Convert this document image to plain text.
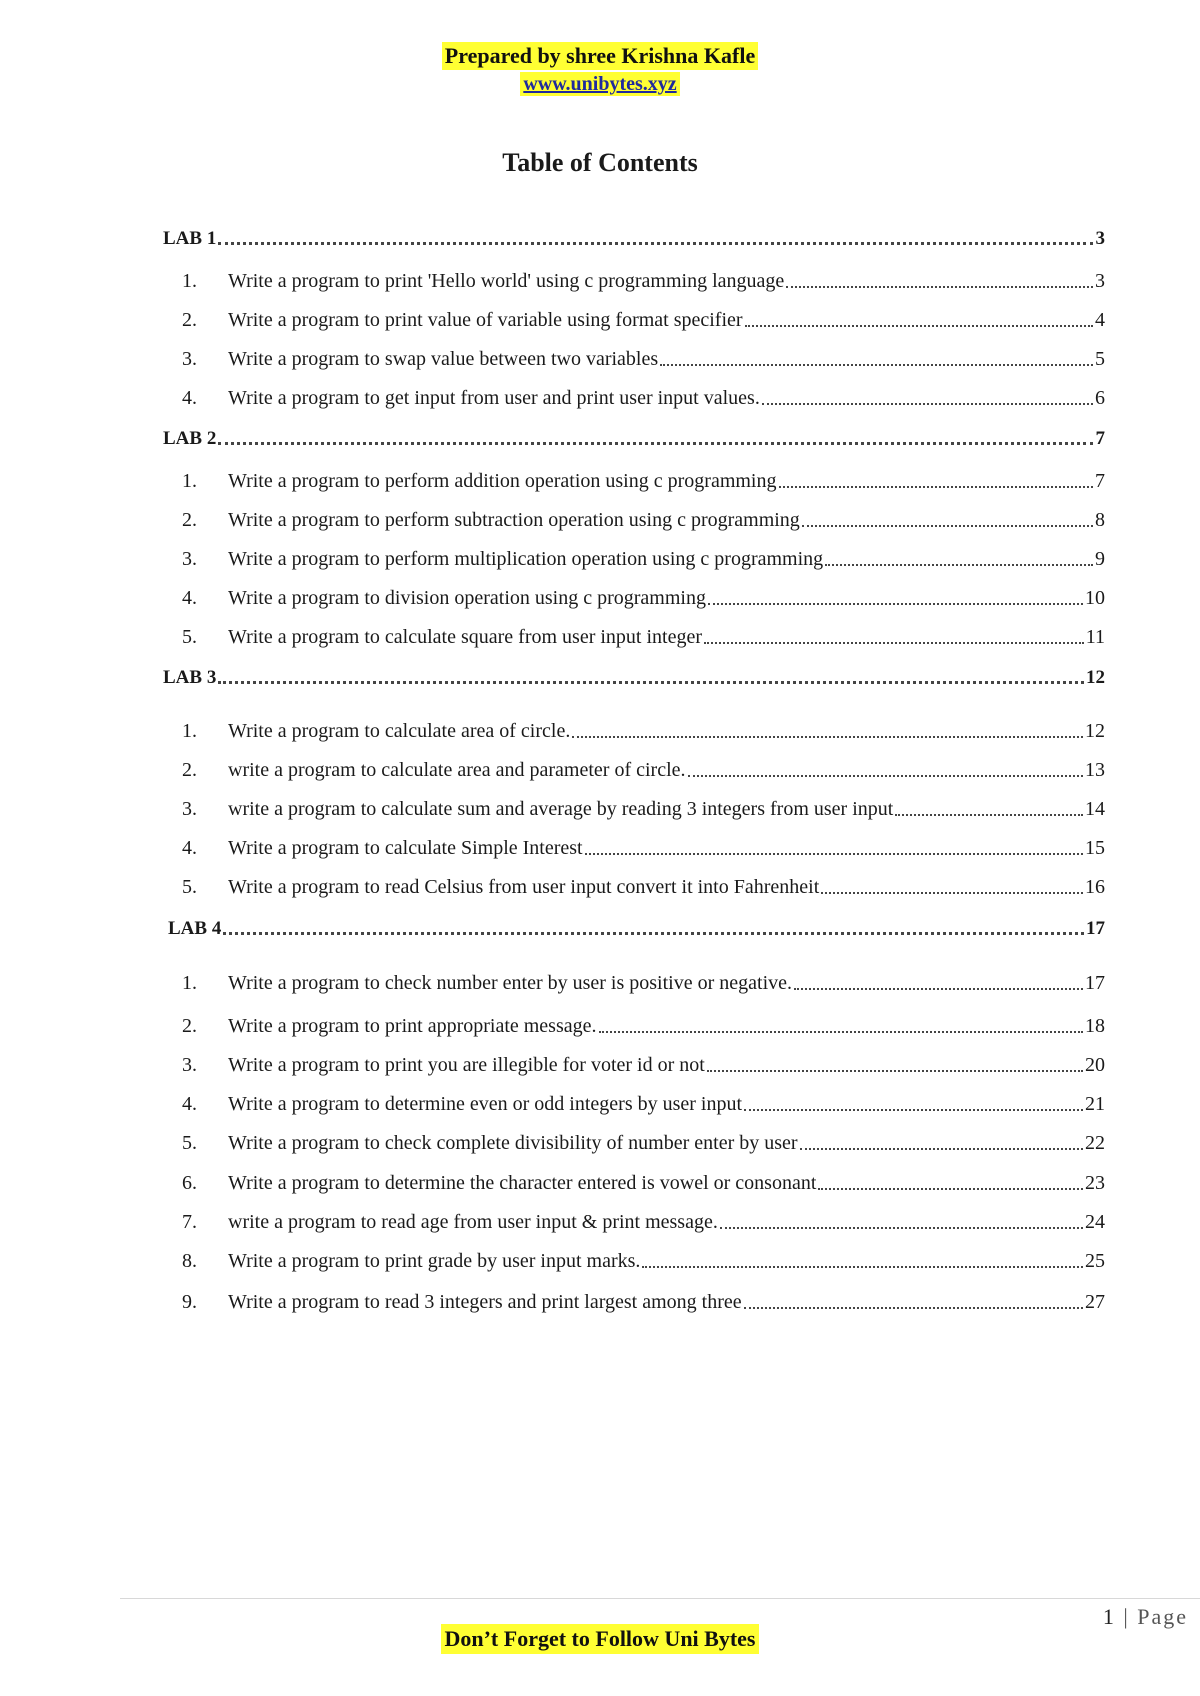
Prepared by shree Krishna Kafle
www.unibytes.xyz
Table of Contents
LAB 1	3
1.	Write a program to print 'Hello world' using c programming language	3
2.	Write a program to print value of variable using format specifier	4
3.	Write a program to swap value between two variables	5
4.	Write a program to get input from user and print user input values.	6
LAB 2	7
1.	Write a program to perform addition operation using c programming	7
2.	Write a program to perform subtraction operation using c programming	8
3.	Write a program to perform multiplication operation using c programming	9
4.	Write a program to division operation using c programming	10
5.	Write a program to calculate square from user input integer	11
LAB 3	12
1.	Write a program to calculate area of circle.	12
2.	write a program to calculate area and parameter of circle.	13
3.	write a program to calculate sum and average by reading 3 integers from user input	14
4.	Write a program to calculate Simple Interest	15
5.	Write a program to read Celsius from user input convert it into Fahrenheit	16
LAB 4	17
1.	Write a program to check number enter by user is positive or negative.	17
2.	Write a program to print appropriate message.	18
3.	Write a program to print you are illegible for voter id or not	20
4.	Write a program to determine even or odd integers by user input	21
5.	Write a program to check complete divisibility of number enter by user	22
6.	Write a program to determine the character entered is vowel or consonant	23
7.	write a program to read age from user input & print message.	24
8.	Write a program to print grade by user input marks.	25
9.	Write a program to read 3 integers and print largest among three	27
1 | Page
Don’t Forget to Follow Uni Bytes
